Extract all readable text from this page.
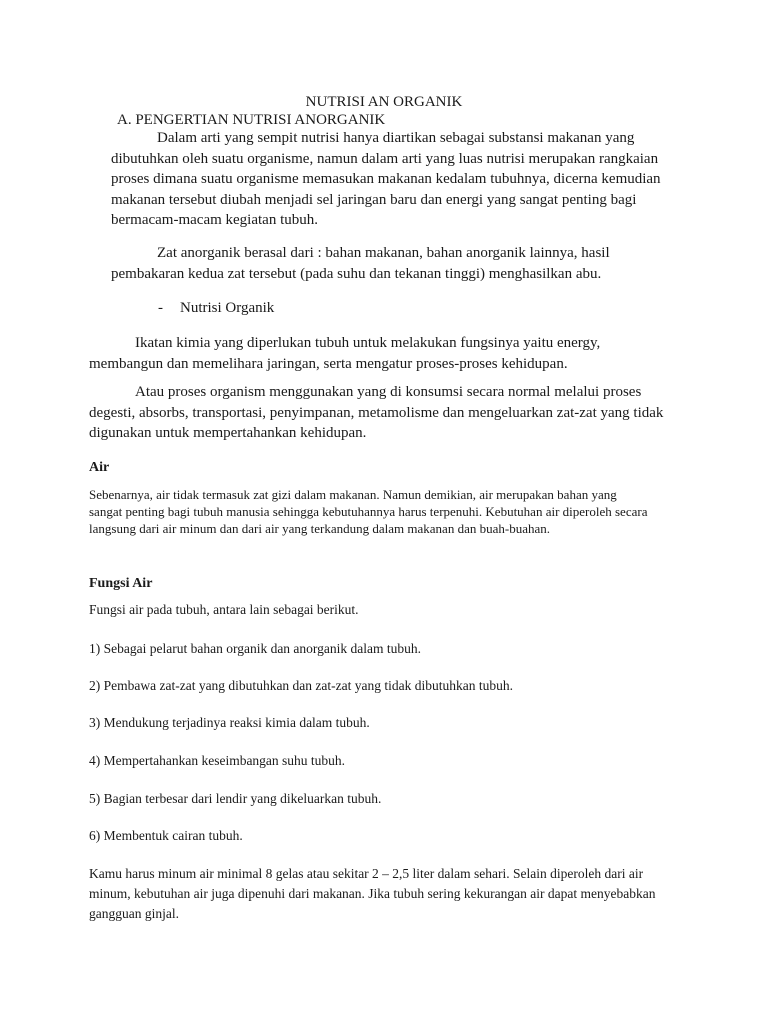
NUTRISI AN ORGANIK
A. PENGERTIAN NUTRISI ANORGANIK

Dalam arti yang sempit nutrisi hanya diartikan sebagai substansi makanan yang dibutuhkan oleh suatu organisme, namun dalam arti yang luas nutrisi merupakan rangkaian proses dimana suatu organisme memasukan makanan kedalam tubuhnya, dicerna kemudian makanan tersebut diubah menjadi sel jaringan baru dan energi yang sangat penting bagi bermacam-macam kegiatan tubuh.

Zat anorganik berasal dari : bahan makanan, bahan anorganik lainnya, hasil pembakaran kedua zat tersebut (pada suhu dan tekanan tinggi) menghasilkan abu.

- Nutrisi Organik

Ikatan kimia yang diperlukan tubuh untuk melakukan fungsinya yaitu energy, membangun dan memelihara jaringan, serta mengatur proses-proses kehidupan.

Atau proses organism menggunakan yang di konsumsi secara normal melalui proses degesti, absorbs, transportasi, penyimpanan, metamolisme dan mengeluarkan zat-zat yang tidak digunakan untuk mempertahankan kehidupan.

Air

Sebenarnya, air tidak termasuk zat gizi dalam makanan. Namun demikian, air merupakan bahan yang sangat penting bagi tubuh manusia sehingga kebutuhannya harus terpenuhi. Kebutuhan air diperoleh secara langsung dari air minum dan dari air yang terkandung dalam makanan dan buah-buahan.

Fungsi Air
Fungsi air pada tubuh, antara lain sebagai berikut.
1) Sebagai pelarut bahan organik dan anorganik dalam tubuh.
2) Pembawa zat-zat yang dibutuhkan dan zat-zat yang tidak dibutuhkan tubuh.
3) Mendukung terjadinya reaksi kimia dalam tubuh.
4) Mempertahankan keseimbangan suhu tubuh.
5) Bagian terbesar dari lendir yang dikeluarkan tubuh.
6) Membentuk cairan tubuh.

Kamu harus minum air minimal 8 gelas atau sekitar 2 – 2,5 liter dalam sehari. Selain diperoleh dari air minum, kebutuhan air juga dipenuhi dari makanan. Jika tubuh sering kekurangan air dapat menyebabkan gangguan ginjal.
